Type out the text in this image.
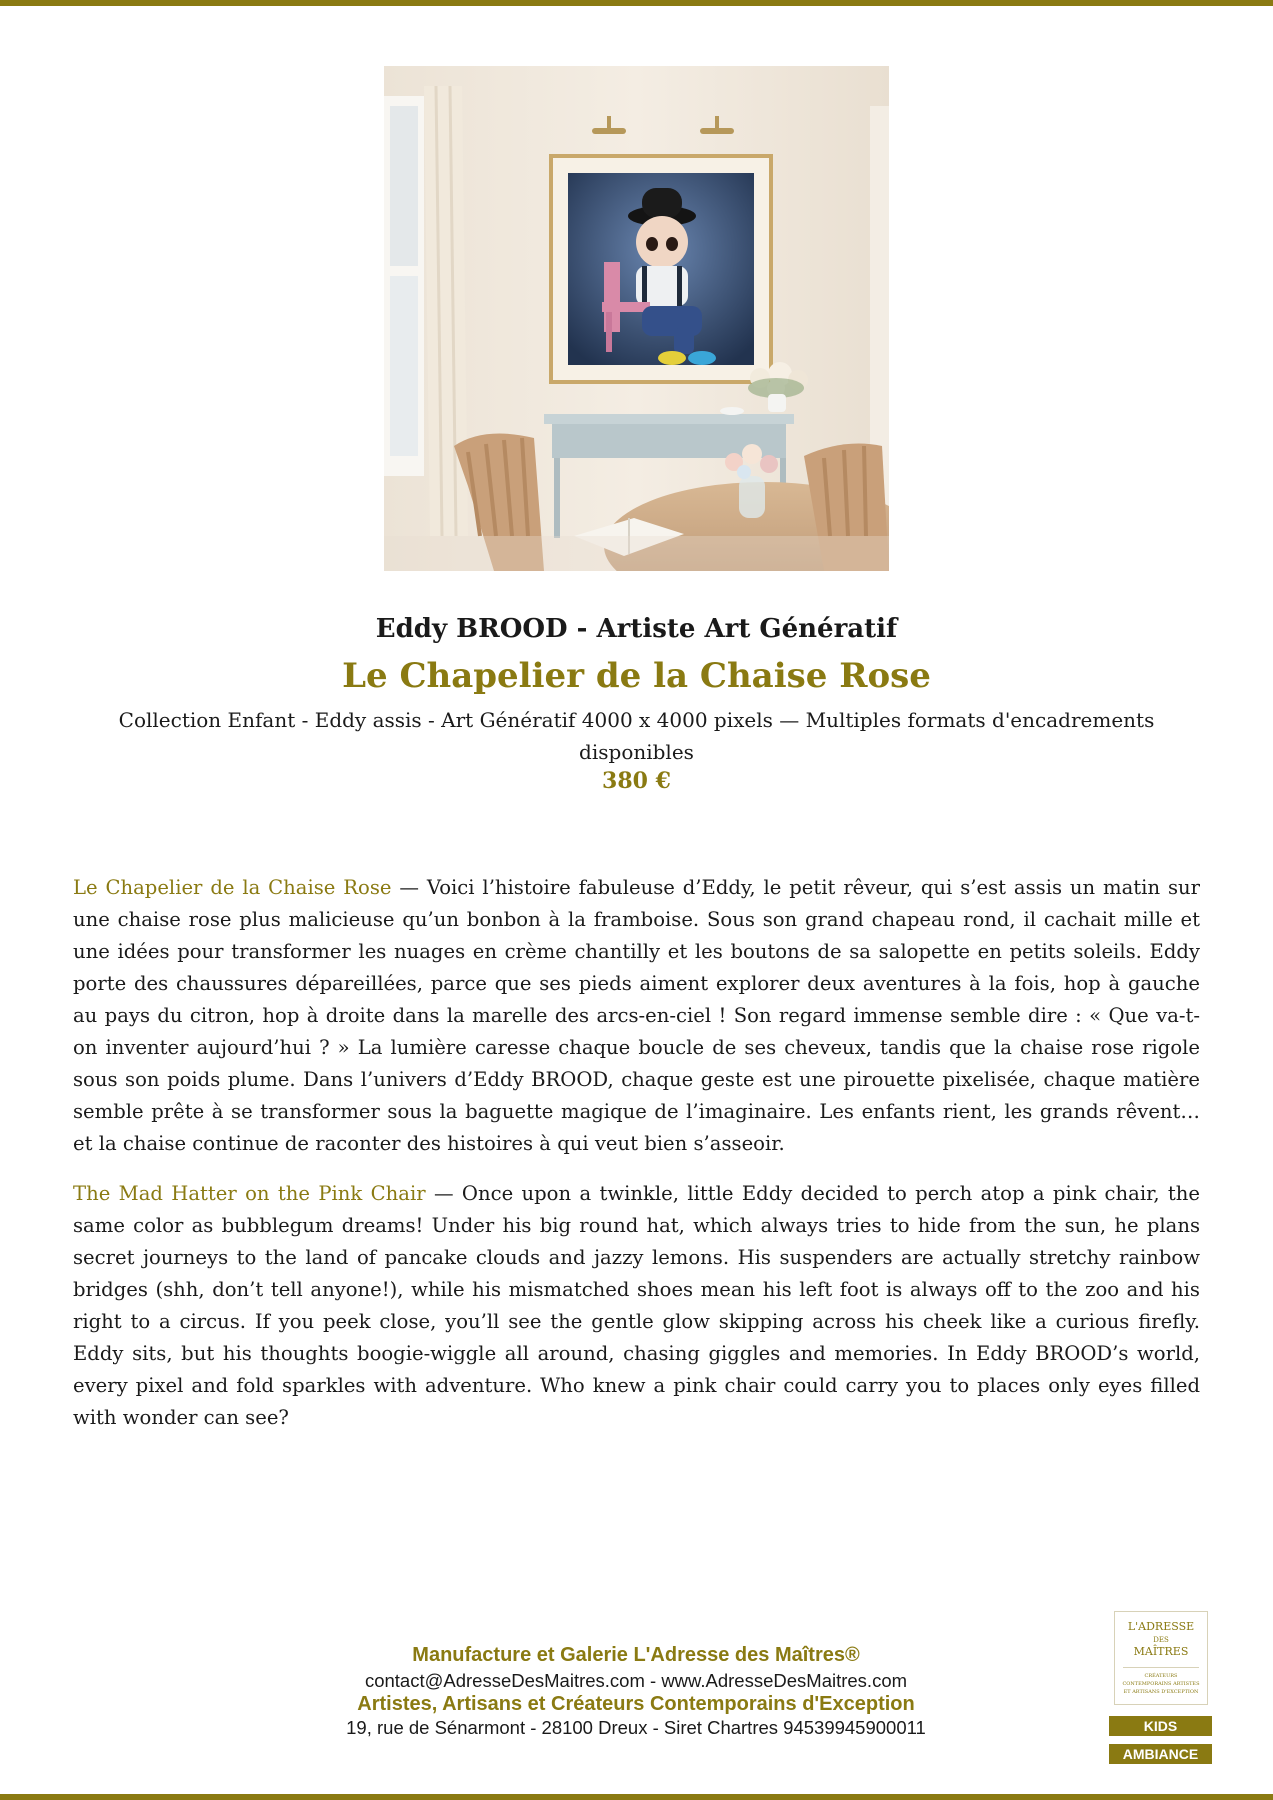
Eddy BROOD - Artiste Art Génératif
Le Chapelier de la Chaise Rose
Collection Enfant - Eddy assis - Art Génératif 4000 x 4000 pixels — Multiples formats d'encadrements disponibles
380 €
Le Chapelier de la Chaise Rose — Voici l’histoire fabuleuse d’Eddy, le petit rêveur, qui s’est assis un matin sur une chaise rose plus malicieuse qu’un bonbon à la framboise. Sous son grand chapeau rond, il cachait mille et une idées pour transformer les nuages en crème chantilly et les boutons de sa salopette en petits soleils. Eddy porte des chaussures dépareillées, parce que ses pieds aiment explorer deux aventures à la fois, hop à gauche au pays du citron, hop à droite dans la marelle des arcs-en-ciel ! Son regard immense semble dire : « Que va-t-on inventer aujourd’hui ? » La lumière caresse chaque boucle de ses cheveux, tandis que la chaise rose rigole sous son poids plume. Dans l’univers d’Eddy BROOD, chaque geste est une pirouette pixelisée, chaque matière semble prête à se transformer sous la baguette magique de l’imaginaire. Les enfants rient, les grands rêvent… et la chaise continue de raconter des histoires à qui veut bien s’asseoir.
The Mad Hatter on the Pink Chair — Once upon a twinkle, little Eddy decided to perch atop a pink chair, the same color as bubblegum dreams! Under his big round hat, which always tries to hide from the sun, he plans secret journeys to the land of pancake clouds and jazzy lemons. His suspenders are actually stretchy rainbow bridges (shh, don’t tell anyone!), while his mismatched shoes mean his left foot is always off to the zoo and his right to a circus. If you peek close, you’ll see the gentle glow skipping across his cheek like a curious firefly. Eddy sits, but his thoughts boogie-wiggle all around, chasing giggles and memories. In Eddy BROOD’s world, every pixel and fold sparkles with adventure. Who knew a pink chair could carry you to places only eyes filled with wonder can see?
Manufacture et Galerie L'Adresse des Maîtres®
contact@AdresseDesMaitres.com - www.AdresseDesMaitres.com
Artistes, Artisans et Créateurs Contemporains d'Exception
19, rue de Sénarmont - 28100 Dreux - Siret Chartres 94539945900011
L'ADRESSE
DES
MAÎTRES
CRÉATEURS CONTEMPORAINS ARTISTES ET ARTISANS D'EXCEPTION
KIDS
AMBIANCE
